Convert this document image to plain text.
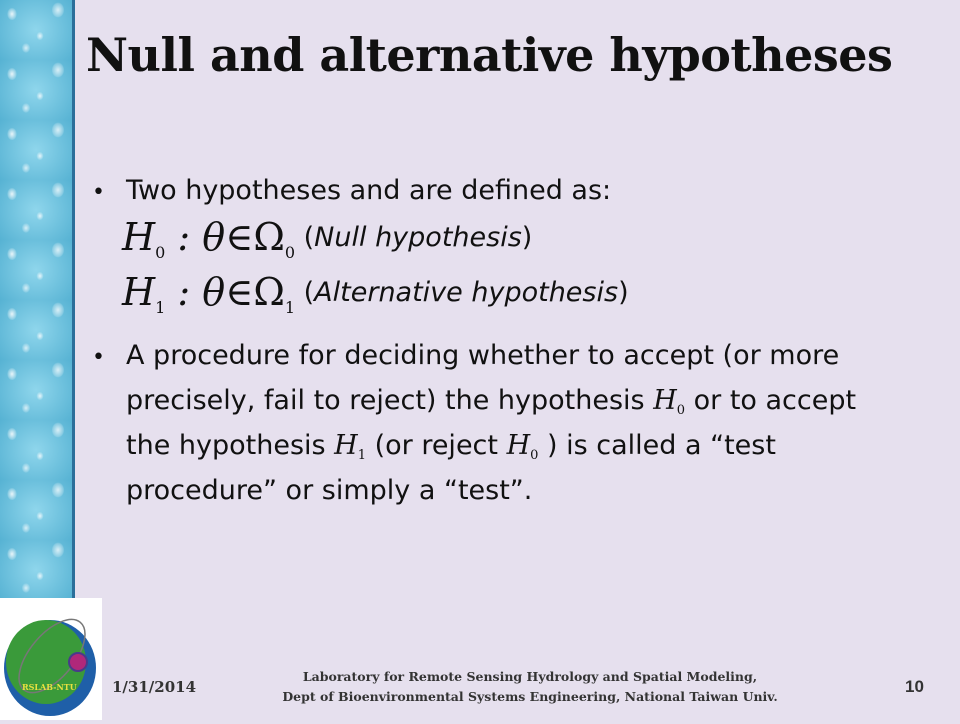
Null and alternative hypotheses
• Two hypotheses and are defined as:
$H_0$ : $\theta\in\Omega_0$ (Null hypothesis)
$H_1$ : $\theta\in\Omega_1$ (Alternative hypothesis)
• A procedure for deciding whether to accept (or more
precisely, fail to reject) the hypothesis $H_0$ or to accept
the hypothesis $H_1$ (or reject $H_0$ ) is called a “test
procedure” or simply a “test”.
RSLAB-NTU 1/31/2014
Laboratory for Remote Sensing Hydrology and Spatial Modeling,
Dept of Bioenvironmental Systems Engineering, National Taiwan Univ.
10
